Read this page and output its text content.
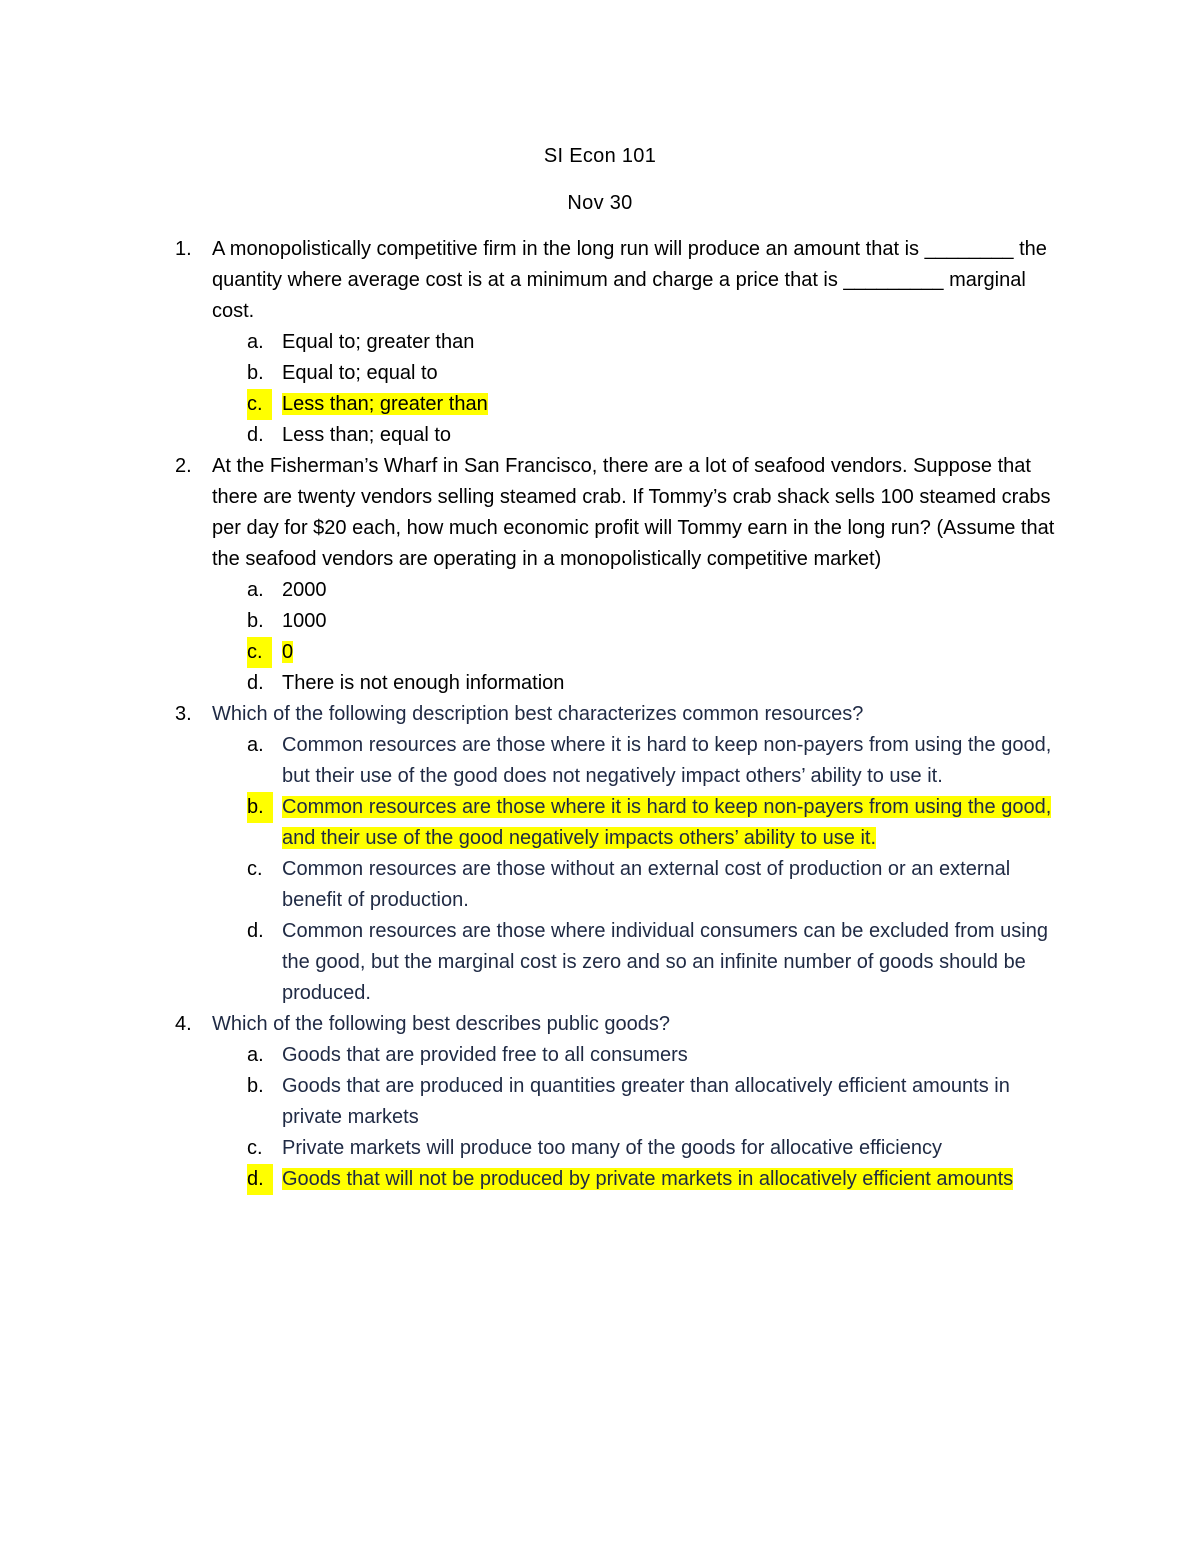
SI Econ 101
Nov 30
1. A monopolistically competitive firm in the long run will produce an amount that is ________ the quantity where average cost is at a minimum and charge a price that is _________ marginal cost.
a. Equal to; greater than
b. Equal to; equal to
c. Less than; greater than
d. Less than; equal to
2. At the Fisherman’s Wharf in San Francisco, there are a lot of seafood vendors. Suppose that there are twenty vendors selling steamed crab. If Tommy’s crab shack sells 100 steamed crabs per day for $20 each, how much economic profit will Tommy earn in the long run? (Assume that the seafood vendors are operating in a monopolistically competitive market)
a. 2000
b. 1000
c. 0
d. There is not enough information
3. Which of the following description best characterizes common resources?
a. Common resources are those where it is hard to keep non-payers from using the good, but their use of the good does not negatively impact others’ ability to use it.
b. Common resources are those where it is hard to keep non-payers from using the good, and their use of the good negatively impacts others’ ability to use it.
c. Common resources are those without an external cost of production or an external benefit of production.
d. Common resources are those where individual consumers can be excluded from using the good, but the marginal cost is zero and so an infinite number of goods should be produced.
4. Which of the following best describes public goods?
a. Goods that are provided free to all consumers
b. Goods that are produced in quantities greater than allocatively efficient amounts in private markets
c. Private markets will produce too many of the goods for allocative efficiency
d. Goods that will not be produced by private markets in allocatively efficient amounts
